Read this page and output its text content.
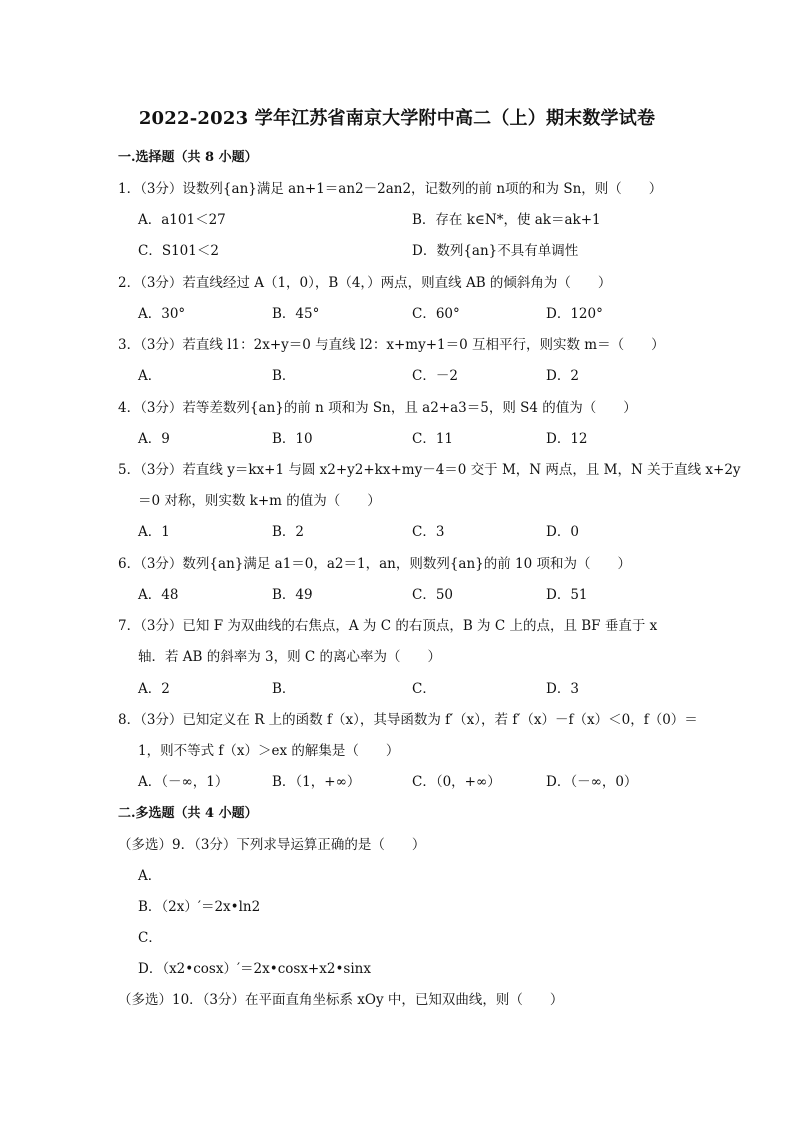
2022-2023 学年江苏省南京大学附中高二（上）期末数学试卷
一.选择题（共 8 小题）
1．（3分）设数列{an}满足 an+1＝an2－2an2，记数列的前 n项的和为 Sn，则（　　）
A．a101＜27	B．存在 k∈N*，使 ak＝ak+1
C．S101＜2	D．数列{an}不具有单调性
2．（3分）若直线经过 A（1，0），B（4，）两点，则直线 AB 的倾斜角为（　　）
A．30°	B．45°	C．60°	D．120°
3．（3分）若直线 l1：2x+y＝0 与直线 l2：x+my+1＝0 互相平行，则实数 m＝（　　）
A．	B．	C．－2	D．2
4．（3分）若等差数列{an}的前 n 项和为 Sn，且 a2+a3＝5，则 S4 的值为（　　）
A．9	B．10	C．11	D．12
5．（3分）若直线 y＝kx+1 与圆 x2+y2+kx+my－4＝0 交于 M，N 两点，且 M，N 关于直线 x+2y
＝0 对称，则实数 k+m 的值为（　　）
A．1	B．2	C．3	D．0
6．（3分）数列{an}满足 a1＝0，a2＝1，an，则数列{an}的前 10 项和为（　　）
A．48	B．49	C．50	D．51
7．（3分）已知 F 为双曲线的右焦点，A 为 C 的右顶点，B 为 C 上的点，且 BF 垂直于 x
轴．若 AB 的斜率为 3，则 C 的离心率为（　　）
A．2	B．	C．	D．3
8．（3分）已知定义在 R 上的函数 f（x），其导函数为 f′（x），若 f′（x）－f（x）＜0，f（0）＝
1，则不等式 f（x）＞ex 的解集是（　　）
A．（－∞，1）	B．（1，+∞）	C．（0，+∞）	D．（－∞，0）
二.多选题（共 4 小题）
（多选）9．（3分）下列求导运算正确的是（　　）
A．
B．（2x）′＝2x•ln2
C．
D．（x2•cosx）′＝2x•cosx+x2•sinx
（多选）10．（3分）在平面直角坐标系 xOy 中，已知双曲线，则（　　）
